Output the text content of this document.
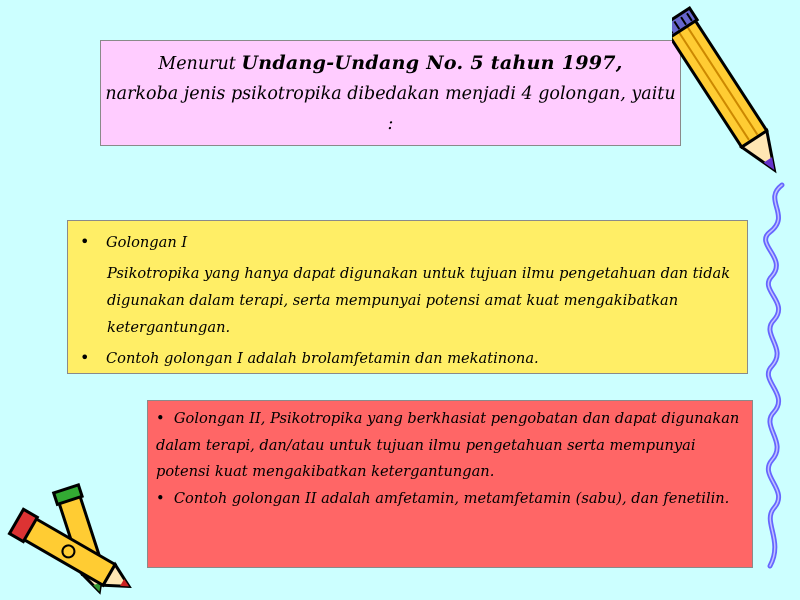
Menurut Undang-Undang No. 5 tahun 1997,
narkoba jenis psikotropika dibedakan menjadi 4 golongan, yaitu :
• Golongan I
Psikotropika yang hanya dapat digunakan untuk tujuan ilmu pengetahuan dan tidak digunakan dalam terapi, serta mempunyai potensi amat kuat mengakibatkan ketergantungan.
• Contoh golongan I adalah brolamfetamin dan mekatinona.
• Golongan II, Psikotropika yang berkhasiat pengobatan dan dapat digunakan dalam terapi, dan/atau untuk tujuan ilmu pengetahuan serta mempunyai potensi kuat mengakibatkan ketergantungan.
• Contoh golongan II adalah amfetamin, metamfetamin (sabu), dan fenetilin.
